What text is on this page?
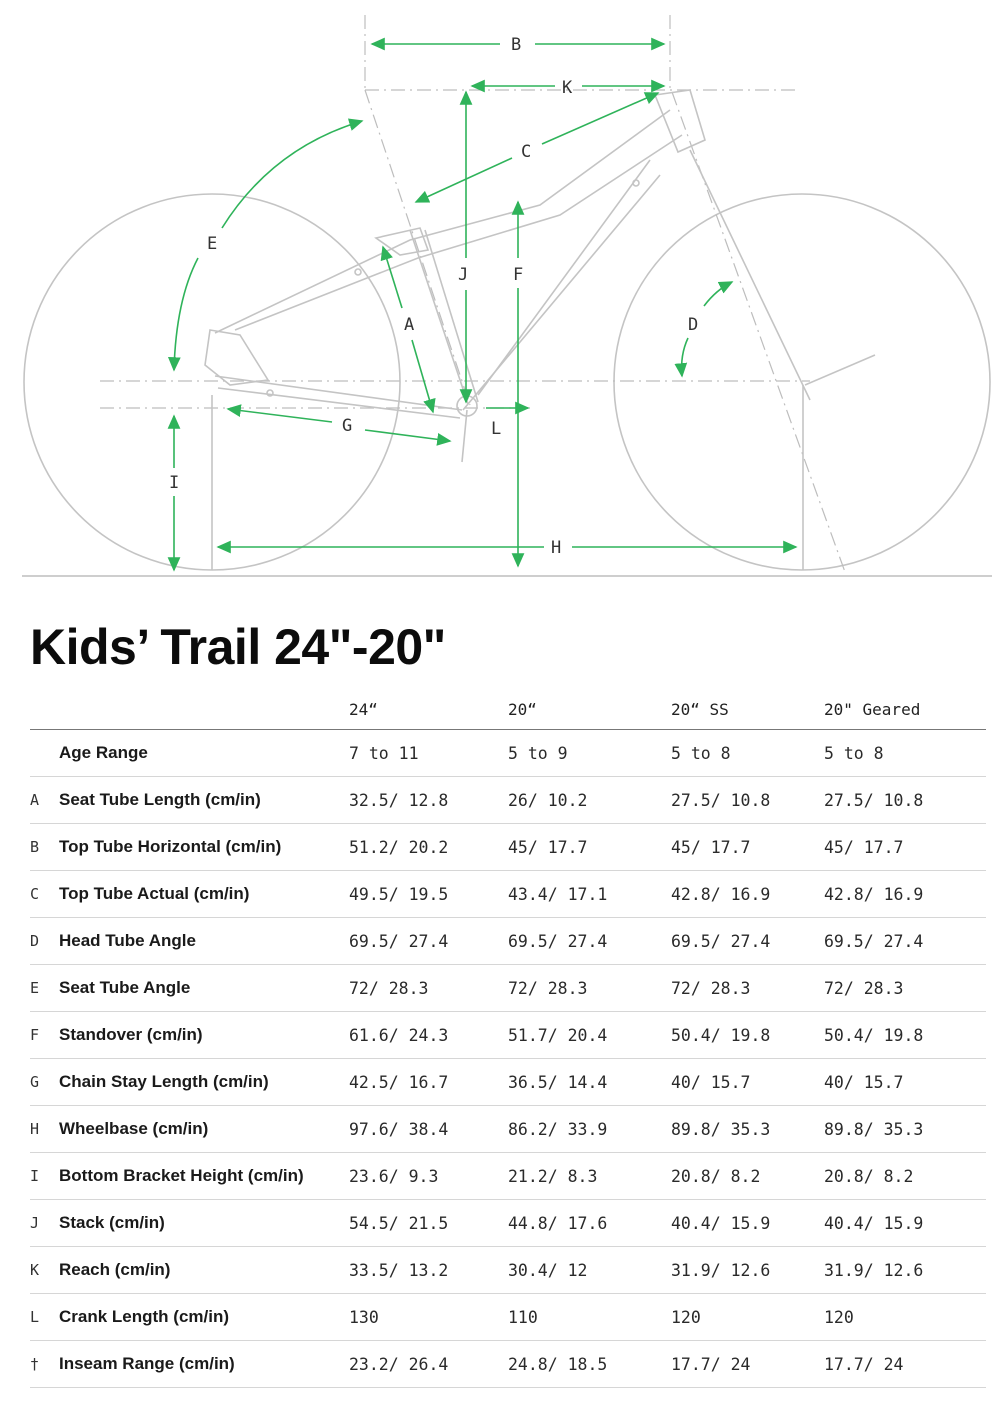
B
K
C
E
J	F
A	D
G	L
I
H
Kids’ Trail 24"-20"
		24“	20“	20“ SS	20" Geared
	Age Range	7 to 11	5 to 9	5 to 8	5 to 8
A	Seat Tube Length (cm/in)	32.5/ 12.8	26/ 10.2	27.5/ 10.8	27.5/ 10.8
B	Top Tube Horizontal (cm/in)	51.2/ 20.2	45/ 17.7	45/ 17.7	45/ 17.7
C	Top Tube Actual (cm/in)	49.5/ 19.5	43.4/ 17.1	42.8/ 16.9	42.8/ 16.9
D	Head Tube Angle	69.5/ 27.4	69.5/ 27.4	69.5/ 27.4	69.5/ 27.4
E	Seat Tube Angle	72/ 28.3	72/ 28.3	72/ 28.3	72/ 28.3
F	Standover (cm/in)	61.6/ 24.3	51.7/ 20.4	50.4/ 19.8	50.4/ 19.8
G	Chain Stay Length (cm/in)	42.5/ 16.7	36.5/ 14.4	40/ 15.7	40/ 15.7
H	Wheelbase (cm/in)	97.6/ 38.4	86.2/ 33.9	89.8/ 35.3	89.8/ 35.3
I	Bottom Bracket Height (cm/in)	23.6/ 9.3	21.2/ 8.3	20.8/ 8.2	20.8/ 8.2
J	Stack (cm/in)	54.5/ 21.5	44.8/ 17.6	40.4/ 15.9	40.4/ 15.9
K	Reach (cm/in)	33.5/ 13.2	30.4/ 12	31.9/ 12.6	31.9/ 12.6
L	Crank Length (cm/in)	130	110	120	120
†	Inseam Range (cm/in)	23.2/ 26.4	24.8/ 18.5	17.7/ 24	17.7/ 24
